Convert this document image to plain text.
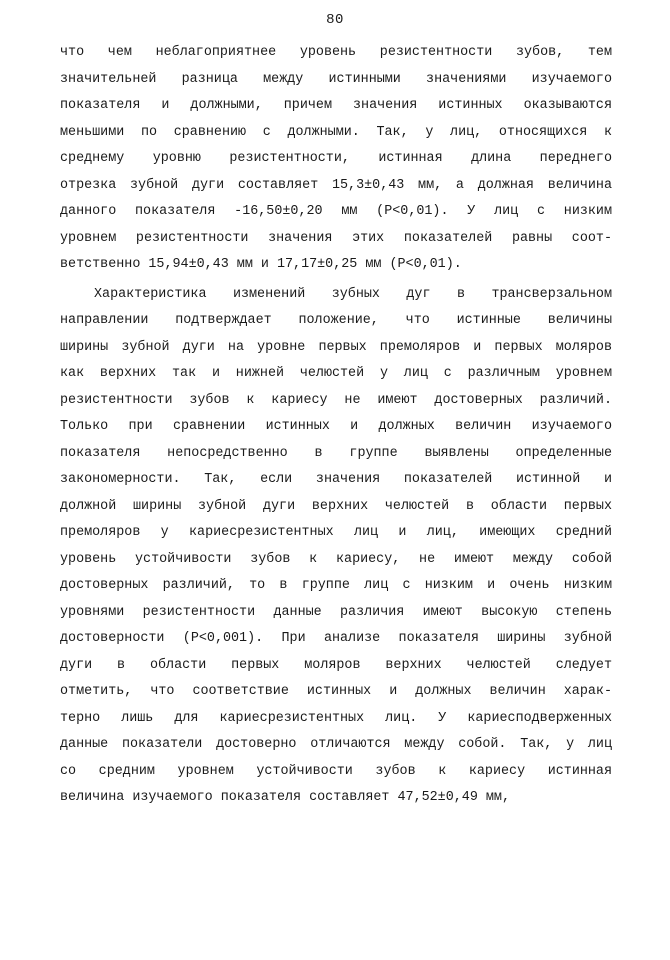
80
что чем неблагоприятнее уровень резистентности зубов, тем
значительней разница между истинными значениями изучаемого
показателя и должными, причем значения истинных оказываются
меньшими по сравнению с должными. Так, у лиц, относящихся к
среднему уровню резистентности, истинная длина переднего
отрезка зубной дуги составляет 15,3±0,43 мм, а должная величина
данного показателя -16,50±0,20 мм (P<0,01). У лиц с низким
уровнем резистентности значения этих показателей равны соот-
ветственно 15,94±0,43 мм и 17,17±0,25 мм (P<0,01).
Характеристика изменений зубных дуг в трансверзальном
направлении подтверждает положение, что истинные величины
ширины зубной дуги на уровне первых премоляров и первых моляров
как верхних так и нижней челюстей у лиц с различным уровнем
резистентности зубов к кариесу не имеют достоверных различий.
Только при сравнении истинных и должных величин изучаемого
показателя непосредственно в группе выявлены определенные
закономерности. Так, если значения показателей истинной и
должной ширины зубной дуги верхних челюстей в области первых
премоляров у кариесрезистентных лиц и лиц, имеющих средний
уровень устойчивости зубов к кариесу, не имеют между собой
достоверных различий, то в группе лиц с низким и очень низким
уровнями резистентности данные различия имеют высокую степень
достоверности (P<0,001). При анализе показателя ширины зубной
дуги в области первых моляров верхних челюстей следует
отметить, что соответствие истинных и должных величин харак-
терно лишь для кариесрезистентных лиц. У кариесподверженных
данные показатели достоверно отличаются между собой. Так, у лиц
со средним уровнем устойчивости зубов к кариесу истинная
величина изучаемого показателя составляет 47,52±0,49 мм,
